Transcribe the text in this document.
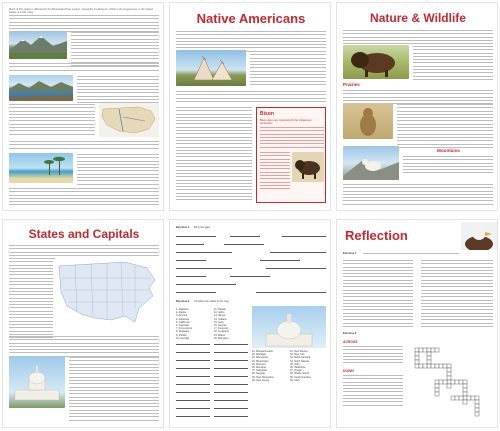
Much of this region is affected by the Mississippi River system, especially the Missouri, which is the longest river in the United States at 2,341 miles.	Native Americans
Bison
Bison were very important for the indigenous Americans.
Nature & Wildlife
Prairies
Mountains
States and Capitals	Exercise 1 Fill in the gaps
Exercise 2 Complete the states in the map
1. Alabama
2. Alaska
3. Arizona
4. Arkansas
5. California
6. Colorado
7. Connecticut
8. Delaware
9. Florida
10. Georgia
11. Hawaii
12. Idaho
13. Illinois
14. Indiana
15. Iowa
16. Kansas
17. Kentucky
18. Louisiana
19. Maine
20. Maryland
21. Massachusetts
22. Michigan
23. Minnesota
24. Mississippi
25. Missouri
26. Montana
27. Nebraska
28. Nevada
29. New Hampshire
30. New Jersey
31. New Mexico
32. New York
33. North Carolina
34. North Dakota
35. Ohio
36. Oklahoma
37. Oregon
38. Rhode Island
39. South Carolina
40. Utah
Reflection
Exercise 1
Exercise 2
ACROSS
DOWN
